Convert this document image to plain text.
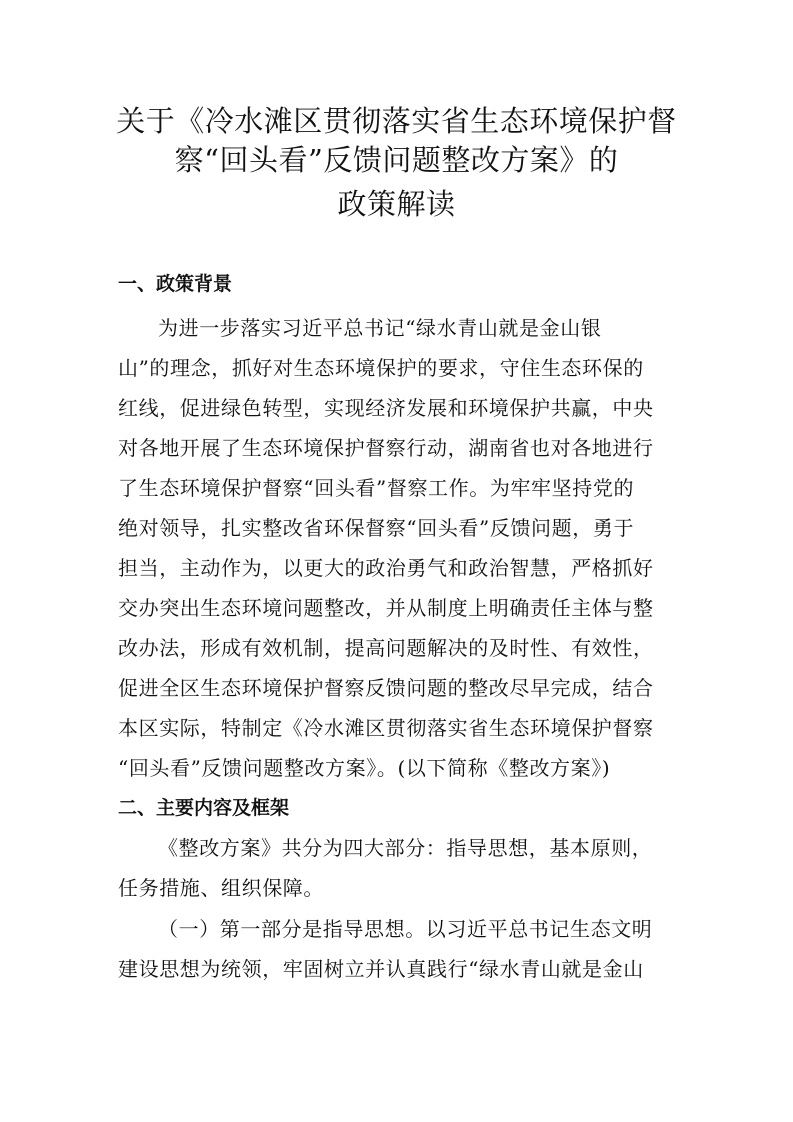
关于《冷水滩区贯彻落实省生态环境保护督
察“回头看”反馈问题整改方案》的
政策解读
一、政策背景
为进一步落实习近平总书记“绿水青山就是金山银
山”的理念，抓好对生态环境保护的要求，守住生态环保的
红线，促进绿色转型，实现经济发展和环境保护共赢，中央
对各地开展了生态环境保护督察行动，湖南省也对各地进行
了生态环境保护督察“回头看”督察工作。为牢牢坚持党的
绝对领导，扎实整改省环保督察“回头看”反馈问题，勇于
担当，主动作为，以更大的政治勇气和政治智慧，严格抓好
交办突出生态环境问题整改，并从制度上明确责任主体与整
改办法，形成有效机制，提高问题解决的及时性、有效性，
促进全区生态环境保护督察反馈问题的整改尽早完成，结合
本区实际，特制定《冷水滩区贯彻落实省生态环境保护督察
“回头看”反馈问题整改方案》。(以下简称《整改方案》)
二、主要内容及框架
《整改方案》共分为四大部分：指导思想，基本原则，
任务措施、组织保障。
（一）第一部分是指导思想。以习近平总书记生态文明
建设思想为统领，牢固树立并认真践行“绿水青山就是金山
